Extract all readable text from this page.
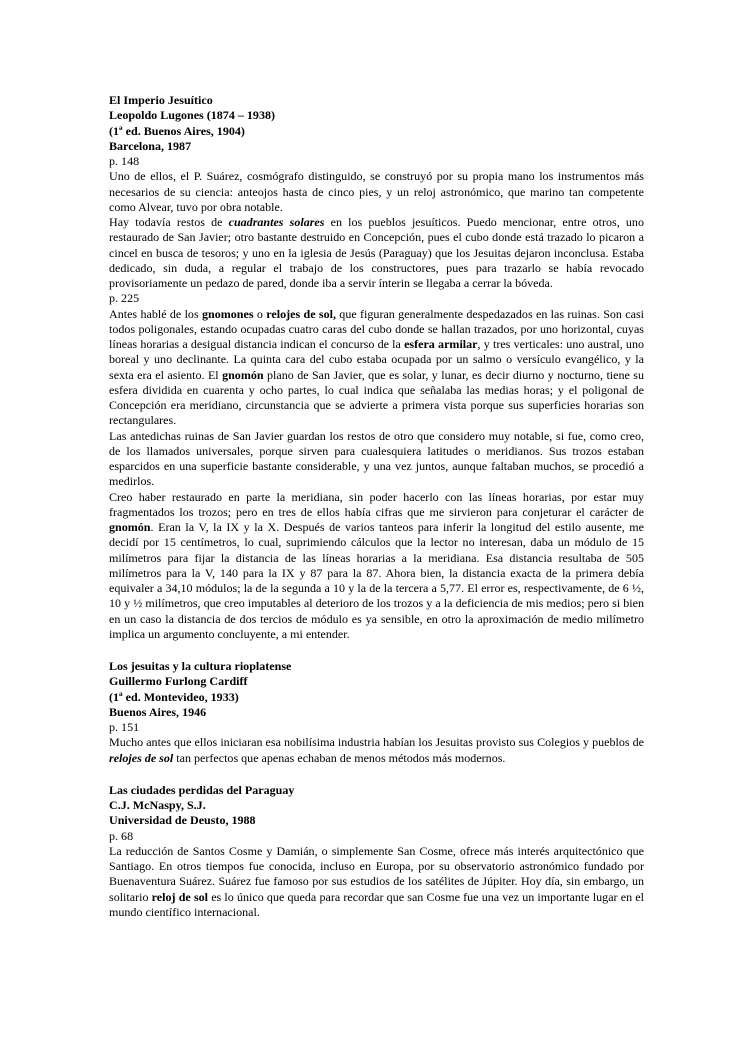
El Imperio Jesuítico

Leopoldo Lugones (1874 – 1938)

(1ª ed. Buenos Aires, 1904)

Barcelona, 1987

p. 148

Uno de ellos, el P. Suárez, cosmógrafo distinguido, se construyó por su propia mano los instrumentos más necesarios de su ciencia: anteojos hasta de cinco pies, y un reloj astronómico, que marino tan competente como Alvear, tuvo por obra notable.

Hay todavía restos de cuadrantes solares en los pueblos jesuíticos. Puedo mencionar, entre otros, uno restaurado de San Javier; otro bastante destruido en Concepción, pues el cubo donde está trazado lo picaron a cincel en busca de tesoros; y uno en la iglesia de Jesús (Paraguay) que los Jesuitas dejaron inconclusa. Estaba dedicado, sin duda, a regular el trabajo de los constructores, pues para trazarlo se había revocado provisoriamente un pedazo de pared, donde iba a servir ínterin se llegaba a cerrar la bóveda.

p. 225

Antes hablé de los gnomones o relojes de sol, que figuran generalmente despedazados en las ruinas. Son casi todos poligonales, estando ocupadas cuatro caras del cubo donde se hallan trazados, por uno horizontal, cuyas líneas horarias a desigual distancia indican el concurso de la esfera armilar, y tres verticales: uno austral, uno boreal y uno declinante. La quinta cara del cubo estaba ocupada por un salmo o versículo evangélico, y la sexta era el asiento. El gnomón plano de San Javier, que es solar, y lunar, es decir diurno y nocturno, tiene su esfera dividida en cuarenta y ocho partes, lo cual indica que señalaba las medias horas; y el poligonal de Concepción era meridiano, circunstancia que se advierte a primera vista porque sus superficies horarias son rectangulares.

Las antedichas ruinas de San Javier guardan los restos de otro que considero muy notable, si fue, como creo, de los llamados universales, porque sirven para cualesquiera latitudes o meridianos. Sus trozos estaban esparcidos en una superficie bastante considerable, y una vez juntos, aunque faltaban muchos, se procedió a medirlos.

Creo haber restaurado en parte la meridiana, sin poder hacerlo con las líneas horarias, por estar muy fragmentados los trozos; pero en tres de ellos había cifras que me sirvieron para conjeturar el carácter de gnomón. Eran la V, la IX y la X. Después de varios tanteos para inferir la longitud del estilo ausente, me decidí por 15 centímetros, lo cual, suprimiendo cálculos que la lector no interesan, daba un módulo de 15 milímetros para fijar la distancia de las líneas horarias a la meridiana. Esa distancia resultaba de 505 milímetros para la V, 140 para la IX y 87 para la 87. Ahora bien, la distancia exacta de la primera debía equivaler a 34,10 módulos; la de la segunda a 10 y la de la tercera a 5,77. El error es, respectivamente, de 6 ½, 10 y ½ milímetros, que creo imputables al deterioro de los trozos y a la deficiencia de mis medios; pero si bien en un caso la distancia de dos tercios de módulo es ya sensible, en otro la aproximación de medio milímetro implica un argumento concluyente, a mi entender.

Los jesuitas y la cultura rioplatense

Guillermo Furlong Cardiff

(1ª ed. Montevideo, 1933)

Buenos Aires, 1946

p. 151

Mucho antes que ellos iniciaran esa nobilísima industria habían los Jesuitas provisto sus Colegios y pueblos de relojes de sol tan perfectos que apenas echaban de menos métodos más modernos.

Las ciudades perdidas del Paraguay

C.J. McNaspy, S.J.

Universidad de Deusto, 1988

p. 68

La reducción de Santos Cosme y Damián, o simplemente San Cosme, ofrece más interés arquitectónico que Santiago. En otros tiempos fue conocida, incluso en Europa, por su observatorio astronómico fundado por Buenaventura Suárez. Suárez fue famoso por sus estudios de los satélites de Júpiter. Hoy día, sin embargo, un solitario reloj de sol es lo único que queda para recordar que san Cosme fue una vez un importante lugar en el mundo científico internacional.
